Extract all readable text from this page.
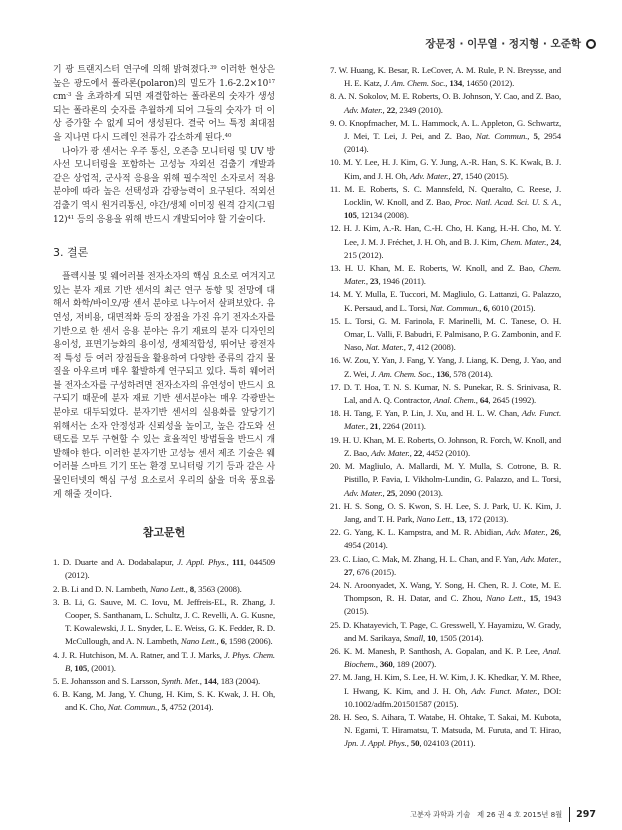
장문정 · 이무열 · 정지형 · 오준학

기 광 트랜지스터 연구에 의해 밝혀졌다.$^{39}$ 이러한 현상은 높은 광도에서 폴라론(polaron)의 밀도가 $1.6-2.2\times 10^{17}$ $cm^{-3}$ 을 초과하게 되면 재결합하는 폴라론의 숫자가 생성되는 폴라론의 숫자를 추월하게 되어 그들의 숫자가 더 이상 증가할 수 없게 되어 생성된다. 결국 어느 특정 최대점을 지나면 다시 드레인 전류가 감소하게 된다.$^{40}$

나아가 광 센서는 우주 통신, 오존층 모니터링 및 UV 방사선 모니터링을 포함하는 고성능 자외선 검출기 개발과 같은 상업적, 군사적 응용을 위해 필수적인 소자로서 적용 분야에 따라 높은 선택성과 감광능력이 요구된다. 적외선 검출기 역시 원거리통신, 야간/생체 이미징 원격 감지(그림 12)$^{41}$ 등의 응용을 위해 반드시 개발되어야 할 기술이다.

3. 결론

플렉시블 및 웨어러블 전자소자의 핵심 요소로 여겨지고 있는 분자 재료 기반 센서의 최근 연구 동향 및 전망에 대해서 화학/바이오/광 센서 분야로 나누어서 살펴보았다. 유연성, 저비용, 대면적화 등의 장점을 가진 유기 전자소자를 기반으로 한 센서 응용 분야는 유기 재료의 분자 디자인의 용이성, 표면기능화의 용이성, 생체적합성, 뛰어난 광전자적 특성 등 여러 장점들을 활용하여 다양한 종류의 감지 물질을 아우르며 매우 활발하게 연구되고 있다. 특히 웨어러블 전자소자를 구성하려면 전자소자의 유연성이 반드시 요구되기 때문에 분자 재료 기반 센서분야는 매우 각광받는 분야로 대두되었다. 분자기반 센서의 실용화를 앞당기기 위해서는 소자 안정성과 신뢰성을 높이고, 높은 감도와 선택도를 모두 구현할 수 있는 효율적인 방법들을 반드시 개발해야 한다. 이러한 분자기반 고성능 센서 제조 기술은 웨어러블 스마트 기기 또는 환경 모니터링 기기 등과 같은 사물인터넷의 핵심 구성 요소로서 우리의 삶을 더욱 풍요롭게 해줄 것이다.

참고문헌
1. D. Duarte and A. Dodabalapur, J. Appl. Phys., 111, 044509 (2012).
2. B. Li and D. N. Lambeth, Nano Lett., 8, 3563 (2008).
3. B. Li, G. Sauve, M. C. Iovu, M. Jeffreis-EL, R. Zhang, J. Cooper, S. Santhanam, L. Schultz, J. C. Revelli, A. G. Kusne, T. Kowalewski, J. L. Snyder, L. E. Weiss, G. K. Fedder, R. D. McCullough, and A. N. Lambeth, Nano Lett., 6, 1598 (2006).
4. J. R. Hutchison, M. A. Ratner, and T. J. Marks, J. Phys. Chem. B, 105, (2001).
5. E. Johansson and S. Larsson, Synth. Met., 144, 183 (2004).
6. B. Kang, M. Jang, Y. Chung, H. Kim, S. K. Kwak, J. H. Oh, and K. Cho, Nat. Commun., 5, 4752 (2014).
7. W. Huang, K. Besar, R. LeCover, A. M. Rule, P. N. Breysse, and H. E. Katz, J. Am. Chem. Soc., 134, 14650 (2012).
8. A. N. Sokolov, M. E. Roberts, O. B. Johnson, Y. Cao, and Z. Bao, Adv. Mater., 22, 2349 (2010).
9. O. Knopfmacher, M. L. Hammock, A. L. Appleton, G. Schwartz, J. Mei, T. Lei, J. Pei, and Z. Bao, Nat. Commun., 5, 2954 (2014).
10. M. Y. Lee, H. J. Kim, G. Y. Jung, A.-R. Han, S. K. Kwak, B. J. Kim, and J. H. Oh, Adv. Mater., 27, 1540 (2015).
11. M. E. Roberts, S. C. Mannsfeld, N. Queralto, C. Reese, J. Locklin, W. Knoll, and Z. Bao, Proc. Natl. Acad. Sci. U. S. A., 105, 12134 (2008).
12. H. J. Kim, A.-R. Han, C.-H. Cho, H. Kang, H.-H. Cho, M. Y. Lee, J. M. J. Fréchet, J. H. Oh, and B. J. Kim, Chem. Mater., 24, 215 (2012).
13. H. U. Khan, M. E. Roberts, W. Knoll, and Z. Bao, Chem. Mater., 23, 1946 (2011).
14. M. Y. Mulla, E. Tuccori, M. Magliulo, G. Lattanzi, G. Palazzo, K. Persaud, and L. Torsi, Nat. Commun., 6, 6010 (2015).
15. L. Torsi, G. M. Farinola, F. Marinelli, M. C. Tanese, O. H. Omar, L. Valli, F. Babudri, F. Palmisano, P. G. Zambonin, and F. Naso, Nat. Mater., 7, 412 (2008).
16. W. Zou, Y. Yan, J. Fang, Y. Yang, J. Liang, K. Deng, J. Yao, and Z. Wei, J. Am. Chem. Soc., 136, 578 (2014).
17. D. T. Hoa, T. N. S. Kumar, N. S. Punekar, R. S. Srinivasa, R. Lal, and A. Q. Contractor, Anal. Chem., 64, 2645 (1992).
18. H. Tang, F. Yan, P. Lin, J. Xu, and H. L. W. Chan, Adv. Funct. Mater., 21, 2264 (2011).
19. H. U. Khan, M. E. Roberts, O. Johnson, R. Forch, W. Knoll, and Z. Bao, Adv. Mater., 22, 4452 (2010).
20. M. Magliulo, A. Mallardi, M. Y. Mulla, S. Cotrone, B. R. Pistillo, P. Favia, I. Vikholm-Lundin, G. Palazzo, and L. Torsi, Adv. Mater., 25, 2090 (2013).
21. H. S. Song, O. S. Kwon, S. H. Lee, S. J. Park, U. K. Kim, J. Jang, and T. H. Park, Nano Lett., 13, 172 (2013).
22. G. Yang, K. L. Kampstra, and M. R. Abidian, Adv. Mater., 26, 4954 (2014).
23. C. Liao, C. Mak, M. Zhang, H. L. Chan, and F. Yan, Adv. Mater., 27, 676 (2015).
24. N. Aroonyadet, X. Wang, Y. Song, H. Chen, R. J. Cote, M. E. Thompson, R. H. Datar, and C. Zhou, Nano Lett., 15, 1943 (2015).
25. D. Khatayevich, T. Page, C. Gresswell, Y. Hayamizu, W. Grady, and M. Sarikaya, Small, 10, 1505 (2014).
26. K. M. Manesh, P. Santhosh, A. Gopalan, and K. P. Lee, Anal. Biochem., 360, 189 (2007).
27. M. Jang, H. Kim, S. Lee, H. W. Kim, J. K. Khedkar, Y. M. Rhee, I. Hwang, K. Kim, and J. H. Oh, Adv. Funct. Mater., DOI: 10.1002/adfm.201501587 (2015).
28. H. Seo, S. Aihara, T. Watabe, H. Ohtake, T. Sakai, M. Kubota, N. Egami, T. Hiramatsu, T. Matsuda, M. Furuta, and T. Hirao, Jpn. J. Appl. Phys., 50, 024103 (2011).
고분자 과학과 기술 제 26 권 4 호 2015년 8월 297
